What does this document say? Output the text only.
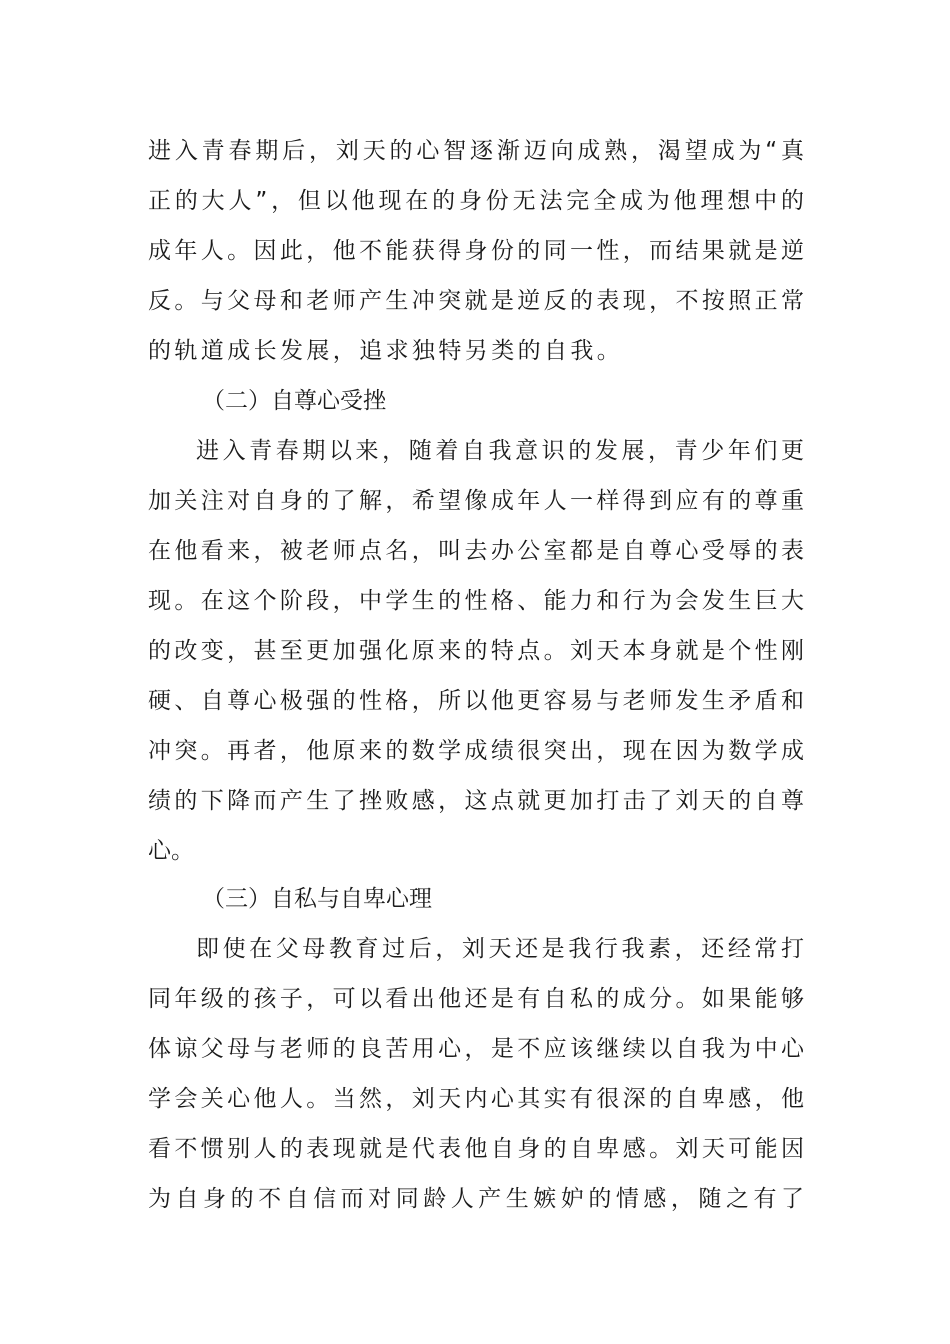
进入青春期后，刘天的心智逐渐迈向成熟，渴望成为“真
正的大人”，但以他现在的身份无法完全成为他理想中的
成年人。因此，他不能获得身份的同一性，而结果就是逆
反。与父母和老师产生冲突就是逆反的表现，不按照正常
的轨道成长发展，追求独特另类的自我。
（二）自尊心受挫
进入青春期以来，随着自我意识的发展，青少年们更
加关注对自身的了解，希望像成年人一样得到应有的尊重
在他看来，被老师点名，叫去办公室都是自尊心受辱的表
现。在这个阶段，中学生的性格、能力和行为会发生巨大
的改变，甚至更加强化原来的特点。刘天本身就是个性刚
硬、自尊心极强的性格，所以他更容易与老师发生矛盾和
冲突。再者，他原来的数学成绩很突出，现在因为数学成
绩的下降而产生了挫败感，这点就更加打击了刘天的自尊
心。
（三）自私与自卑心理
即使在父母教育过后，刘天还是我行我素，还经常打
同年级的孩子，可以看出他还是有自私的成分。如果能够
体谅父母与老师的良苦用心，是不应该继续以自我为中心
学会关心他人。当然，刘天内心其实有很深的自卑感，他
看不惯别人的表现就是代表他自身的自卑感。刘天可能因
为自身的不自信而对同龄人产生嫉妒的情感，随之有了
